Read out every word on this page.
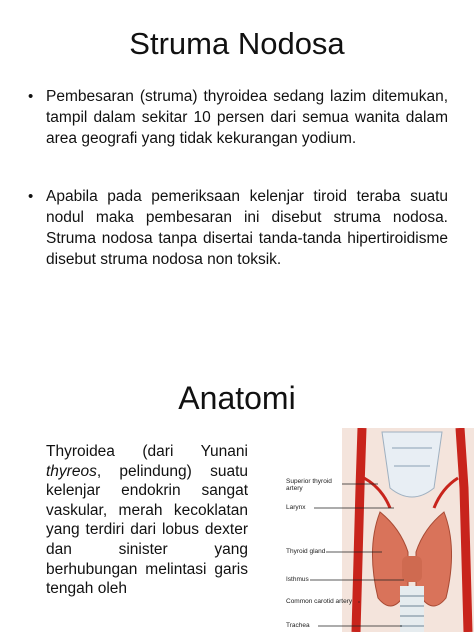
Struma Nodosa
• Pembesaran (struma) thyroidea sedang lazim ditemukan, tampil dalam sekitar 10 persen dari semua wanita dalam area geografi yang tidak kekurangan yodium.
• Apabila pada pemeriksaan kelenjar tiroid teraba suatu nodul maka pembesaran ini disebut struma nodosa. Struma nodosa tanpa disertai tanda-tanda hipertiroidisme disebut struma nodosa non toksik.
Anatomi
Thyroidea (dari Yunani thyreos, pelindung) suatu kelenjar endokrin sangat vaskular, merah kecoklatan yang terdiri dari lobus dexter dan sinister yang berhubungan melintasi garis tengah oleh
Superior thyroid artery
Larynx
Thyroid gland
Isthmus
Common carotid artery
Trachea
